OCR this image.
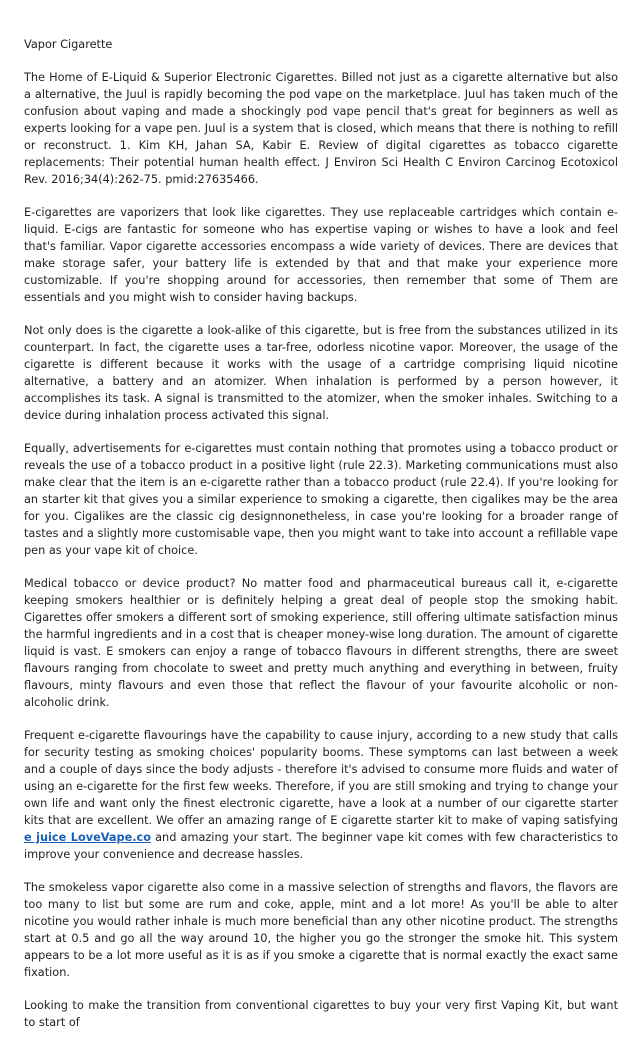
Vapor Cigarette

The Home of E-Liquid & Superior Electronic Cigarettes. Billed not just as a cigarette alternative but also a alternative, the Juul is rapidly becoming the pod vape on the marketplace. Juul has taken much of the confusion about vaping and made a shockingly pod vape pencil that's great for beginners as well as experts looking for a vape pen. Juul is a system that is closed, which means that there is nothing to refill or reconstruct. 1. Kim KH, Jahan SA, Kabir E. Review of digital cigarettes as tobacco cigarette replacements: Their potential human health effect. J Environ Sci Health C Environ Carcinog Ecotoxicol Rev. 2016;34(4):262-75. pmid:27635466.

E-cigarettes are vaporizers that look like cigarettes. They use replaceable cartridges which contain e-liquid. E-cigs are fantastic for someone who has expertise vaping or wishes to have a look and feel that's familiar. Vapor cigarette accessories encompass a wide variety of devices. There are devices that make storage safer, your battery life is extended by that and that make your experience more customizable. If you're shopping around for accessories, then remember that some of Them are essentials and you might wish to consider having backups.

Not only does is the cigarette a look-alike of this cigarette, but is free from the substances utilized in its counterpart. In fact, the cigarette uses a tar-free, odorless nicotine vapor. Moreover, the usage of the cigarette is different because it works with the usage of a cartridge comprising liquid nicotine alternative, a battery and an atomizer. When inhalation is performed by a person however, it accomplishes its task. A signal is transmitted to the atomizer, when the smoker inhales. Switching to a device during inhalation process activated this signal.

Equally, advertisements for e-cigarettes must contain nothing that promotes using a tobacco product or reveals the use of a tobacco product in a positive light (rule 22.3). Marketing communications must also make clear that the item is an e-cigarette rather than a tobacco product (rule 22.4). If you're looking for an starter kit that gives you a similar experience to smoking a cigarette, then cigalikes may be the area for you. Cigalikes are the classic cig designnonetheless, in case you're looking for a broader range of tastes and a slightly more customisable vape, then you might want to take into account a refillable vape pen as your vape kit of choice.

Medical tobacco or device product? No matter food and pharmaceutical bureaus call it, e-cigarette keeping smokers healthier or is definitely helping a great deal of people stop the smoking habit. Cigarettes offer smokers a different sort of smoking experience, still offering ultimate satisfaction minus the harmful ingredients and in a cost that is cheaper money-wise long duration. The amount of cigarette liquid is vast. E smokers can enjoy a range of tobacco flavours in different strengths, there are sweet flavours ranging from chocolate to sweet and pretty much anything and everything in between, fruity flavours, minty flavours and even those that reflect the flavour of your favourite alcoholic or non-alcoholic drink.

Frequent e-cigarette flavourings have the capability to cause injury, according to a new study that calls for security testing as smoking choices' popularity booms. These symptoms can last between a week and a couple of days since the body adjusts - therefore it's advised to consume more fluids and water of using an e-cigarette for the first few weeks. Therefore, if you are still smoking and trying to change your own life and want only the finest electronic cigarette, have a look at a number of our cigarette starter kits that are excellent. We offer an amazing range of E cigarette starter kit to make of vaping satisfying e juice LoveVape.co and amazing your start. The beginner vape kit comes with few characteristics to improve your convenience and decrease hassles.

The smokeless vapor cigarette also come in a massive selection of strengths and flavors, the flavors are too many to list but some are rum and coke, apple, mint and a lot more! As you'll be able to alter nicotine you would rather inhale is much more beneficial than any other nicotine product. The strengths start at 0.5 and go all the way around 10, the higher you go the stronger the smoke hit. This system appears to be a lot more useful as it is as if you smoke a cigarette that is normal exactly the exact same fixation.

Looking to make the transition from conventional cigarettes to buy your very first Vaping Kit, but want to start of
